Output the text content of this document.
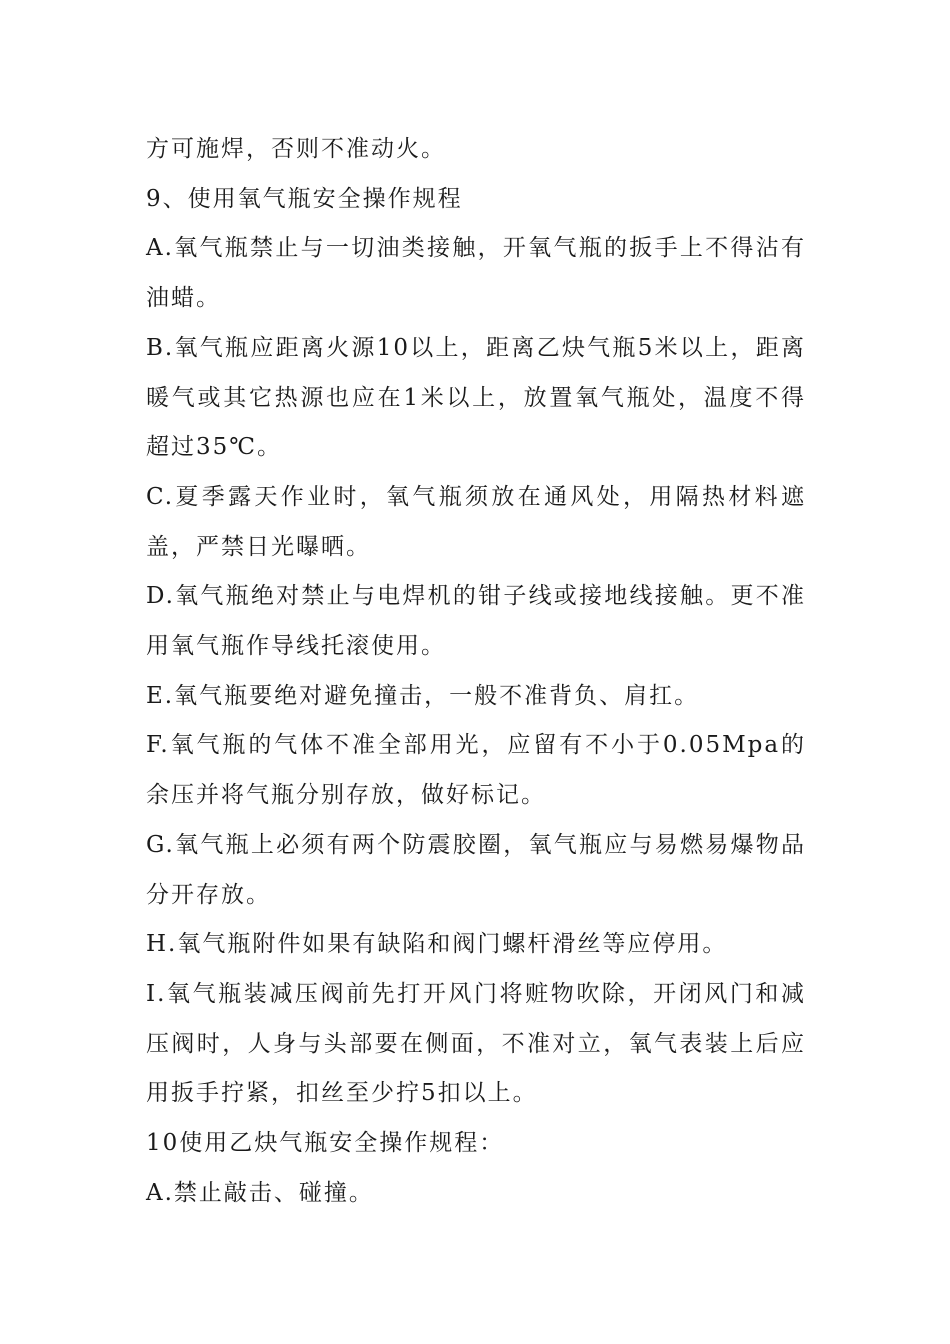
方可施焊，否则不准动火。

9、使用氧气瓶安全操作规程

A.氧气瓶禁止与一切油类接触，开氧气瓶的扳手上不得沾有油蜡。

B.氧气瓶应距离火源10以上，距离乙炔气瓶5米以上，距离暖气或其它热源也应在1米以上，放置氧气瓶处，温度不得超过35℃。

C.夏季露天作业时，氧气瓶须放在通风处，用隔热材料遮盖，严禁日光曝晒。

D.氧气瓶绝对禁止与电焊机的钳子线或接地线接触。更不准用氧气瓶作导线托滚使用。

E.氧气瓶要绝对避免撞击，一般不准背负、肩扛。

F.氧气瓶的气体不准全部用光，应留有不小于0.05Mpa的余压并将气瓶分别存放，做好标记。

G.氧气瓶上必须有两个防震胶圈，氧气瓶应与易燃易爆物品分开存放。

H.氧气瓶附件如果有缺陷和阀门螺杆滑丝等应停用。

I.氧气瓶装减压阀前先打开风门将赃物吹除，开闭风门和减压阀时，人身与头部要在侧面，不准对立，氧气表装上后应用扳手拧紧，扣丝至少拧5扣以上。

10使用乙炔气瓶安全操作规程：

A.禁止敲击、碰撞。
